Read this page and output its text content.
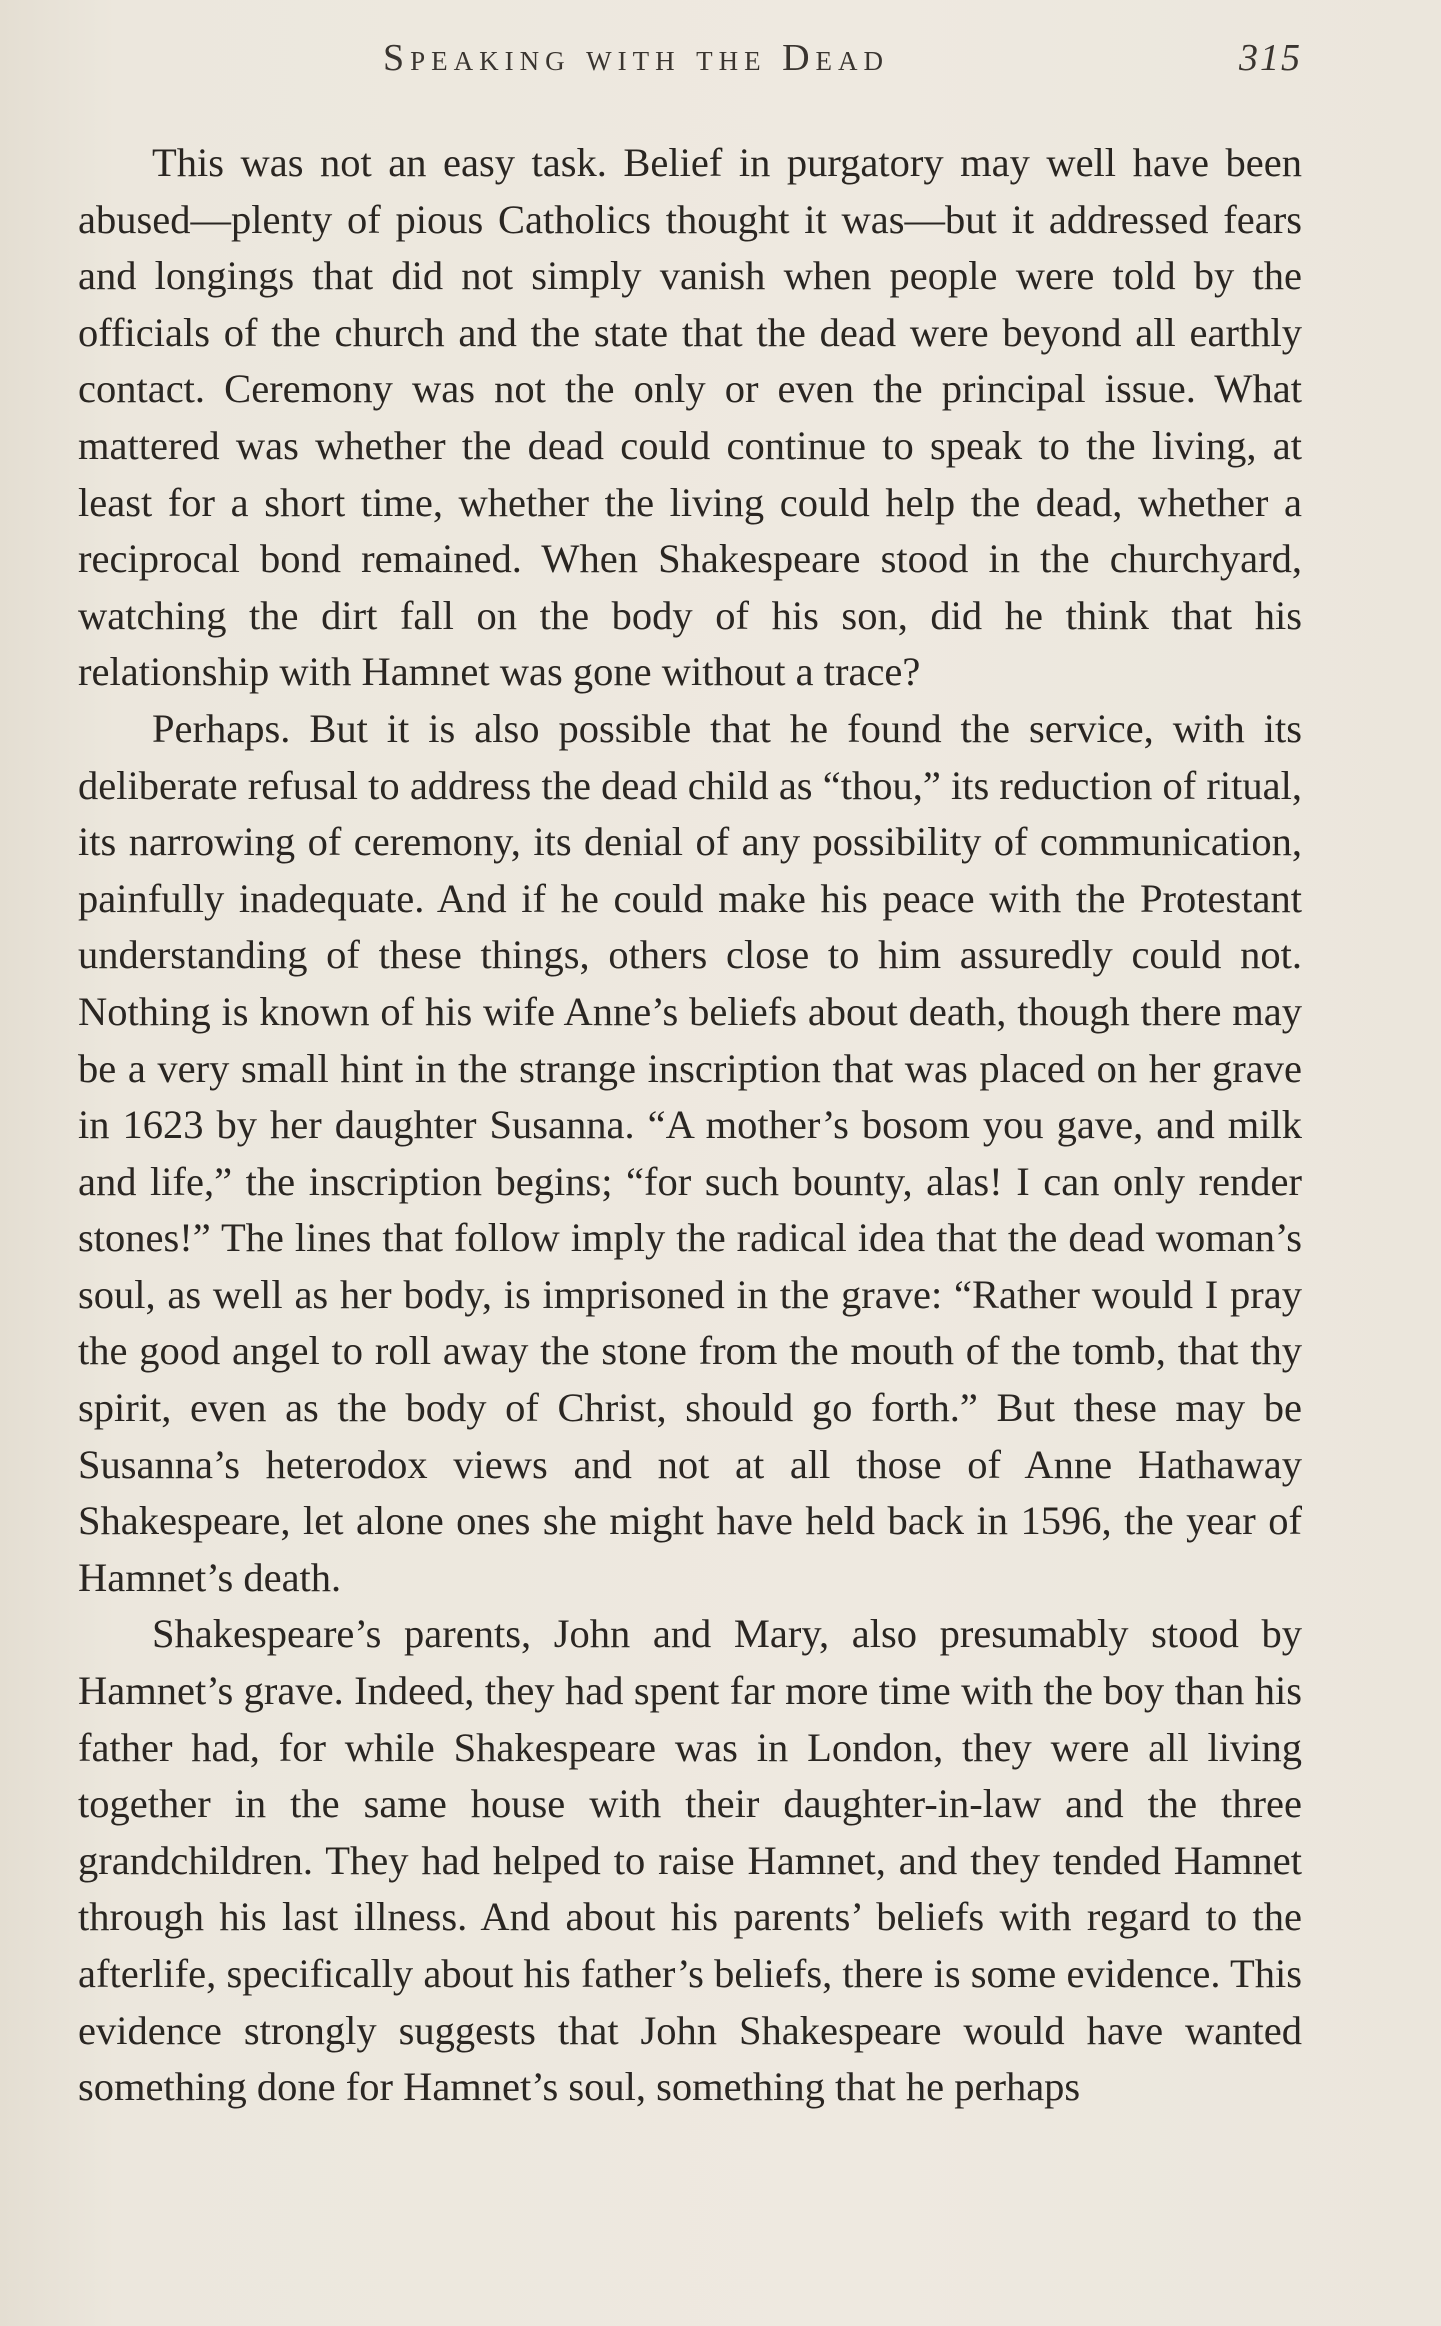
Speaking with the Dead	315

This was not an easy task. Belief in purgatory may well have been abused—plenty of pious Catholics thought it was—but it addressed fears and longings that did not simply vanish when people were told by the officials of the church and the state that the dead were beyond all earthly contact. Ceremony was not the only or even the principal issue. What mattered was whether the dead could continue to speak to the living, at least for a short time, whether the living could help the dead, whether a reciprocal bond remained. When Shakespeare stood in the churchyard, watching the dirt fall on the body of his son, did he think that his relationship with Hamnet was gone without a trace?

Perhaps. But it is also possible that he found the service, with its deliberate refusal to address the dead child as “thou,” its reduction of ritual, its narrowing of ceremony, its denial of any possibility of communication, painfully inadequate. And if he could make his peace with the Protestant understanding of these things, others close to him assuredly could not. Nothing is known of his wife Anne’s beliefs about death, though there may be a very small hint in the strange inscription that was placed on her grave in 1623 by her daughter Susanna. “A mother’s bosom you gave, and milk and life,” the inscription begins; “for such bounty, alas! I can only render stones!” The lines that follow imply the radical idea that the dead woman’s soul, as well as her body, is imprisoned in the grave: “Rather would I pray the good angel to roll away the stone from the mouth of the tomb, that thy spirit, even as the body of Christ, should go forth.” But these may be Susanna’s heterodox views and not at all those of Anne Hathaway Shakespeare, let alone ones she might have held back in 1596, the year of Hamnet’s death.

Shakespeare’s parents, John and Mary, also presumably stood by Hamnet’s grave. Indeed, they had spent far more time with the boy than his father had, for while Shakespeare was in London, they were all living together in the same house with their daughter-in-law and the three grandchildren. They had helped to raise Hamnet, and they tended Hamnet through his last illness. And about his parents’ beliefs with regard to the afterlife, specifically about his father’s beliefs, there is some evidence. This evidence strongly suggests that John Shakespeare would have wanted something done for Hamnet’s soul, something that he perhaps
